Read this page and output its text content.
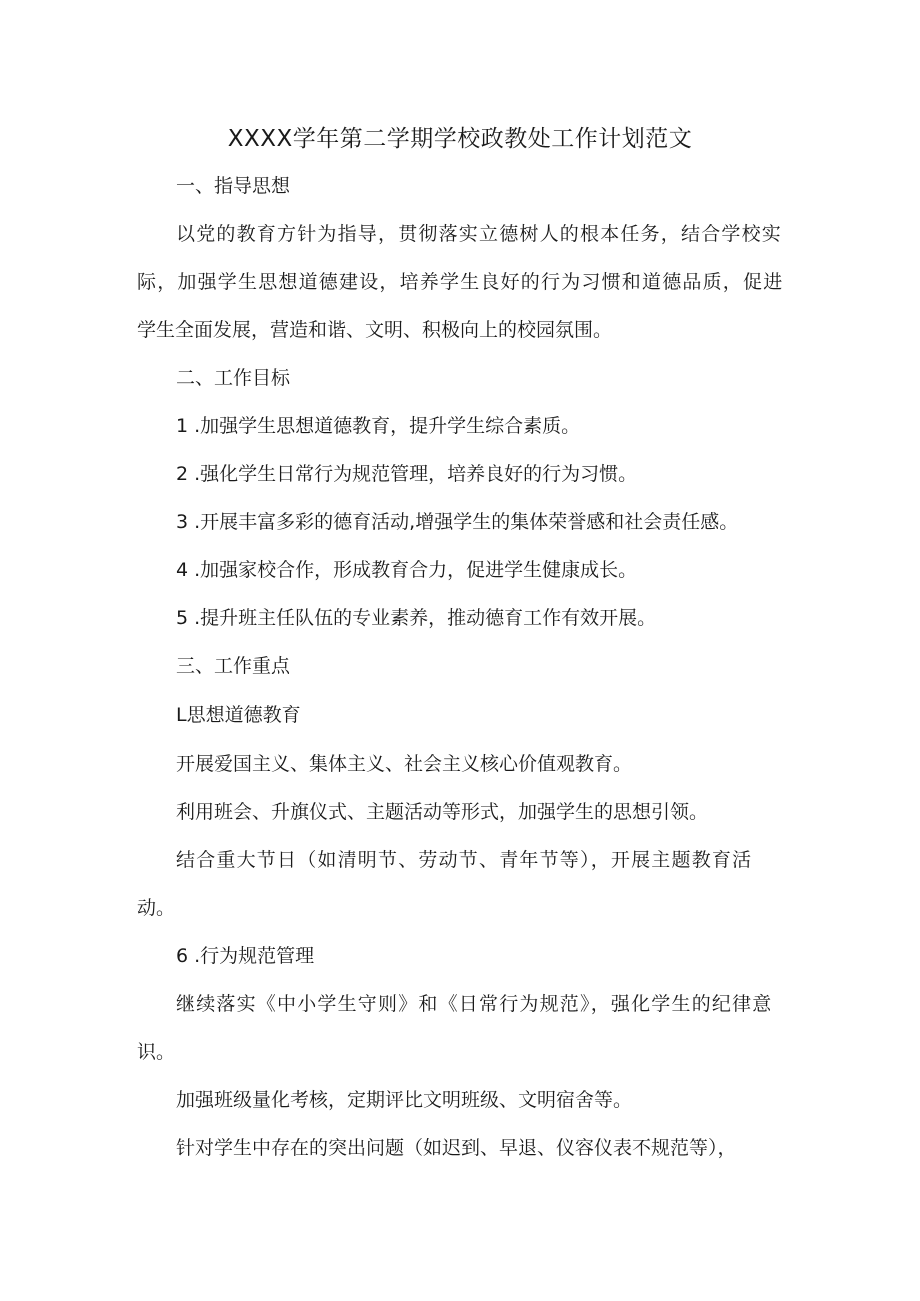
XXXX学年第二学期学校政教处工作计划范文
一、指导思想
以党的教育方针为指导，贯彻落实立德树人的根本任务，结合学校实
际，加强学生思想道德建设，培养学生良好的行为习惯和道德品质，促进
学生全面发展，营造和谐、文明、积极向上的校园氛围。
二、工作目标
1 .加强学生思想道德教育，提升学生综合素质。
2 .强化学生日常行为规范管理，培养良好的行为习惯。
3 .开展丰富多彩的德育活动,增强学生的集体荣誉感和社会责任感。
4 .加强家校合作，形成教育合力，促进学生健康成长。
5 .提升班主任队伍的专业素养，推动德育工作有效开展。
三、工作重点
L思想道德教育
开展爱国主义、集体主义、社会主义核心价值观教育。
利用班会、升旗仪式、主题活动等形式，加强学生的思想引领。
结合重大节日（如清明节、劳动节、青年节等），开展主题教育活
动。
6 .行为规范管理
继续落实《中小学生守则》和《日常行为规范》，强化学生的纪律意
识。
加强班级量化考核，定期评比文明班级、文明宿舍等。
针对学生中存在的突出问题（如迟到、早退、仪容仪表不规范等），
